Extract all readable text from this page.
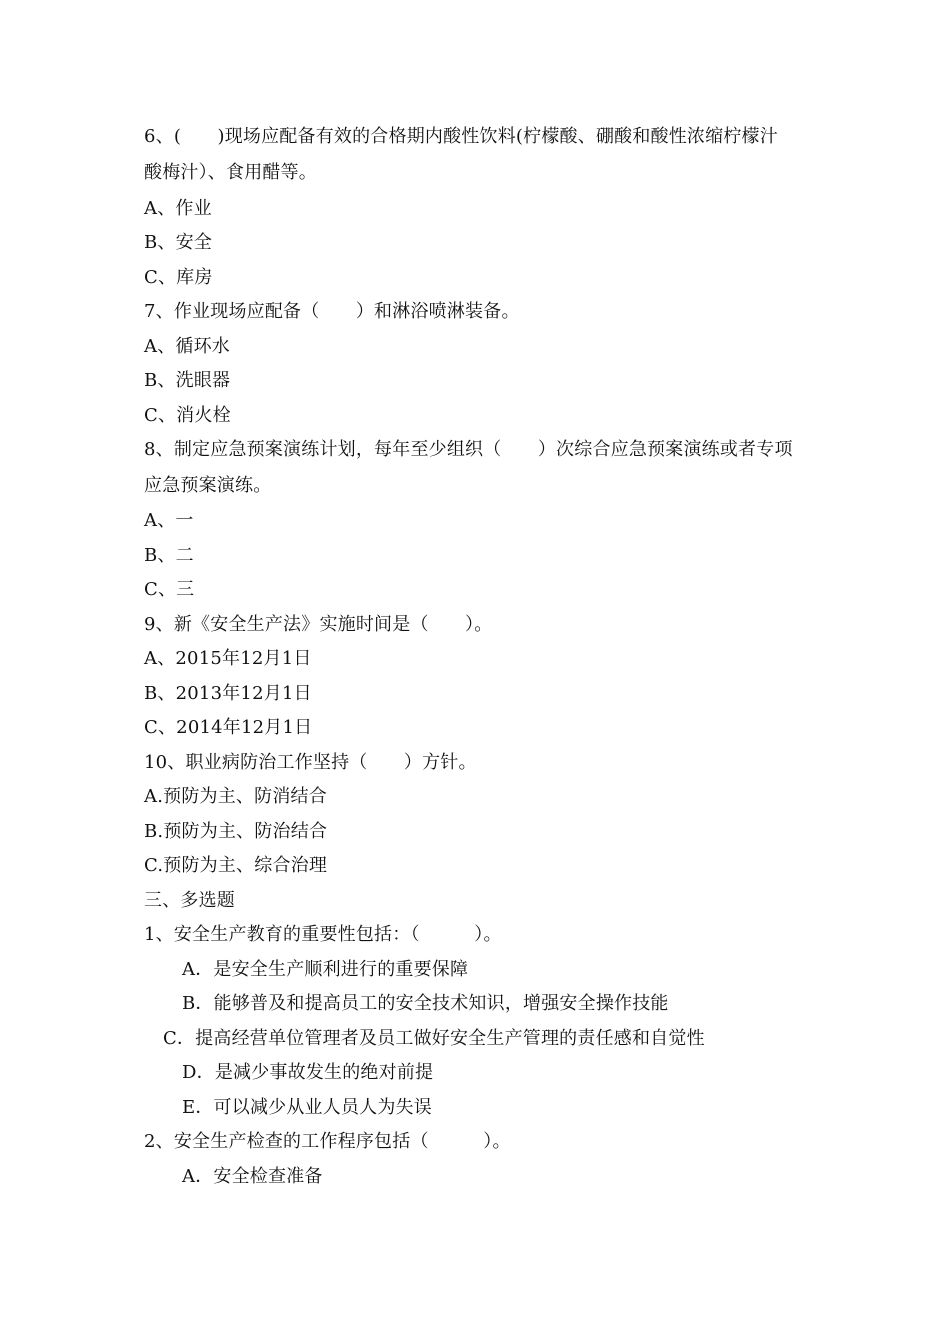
6、(　　)现场应配备有效的合格期内酸性饮料(柠檬酸、硼酸和酸性浓缩柠檬汁
酸梅汁）、食用醋等。
A、作业
B、安全
C、库房
7、作业现场应配备（　　）和淋浴喷淋装备。
A、循环水
B、洗眼器
C、消火栓
8、制定应急预案演练计划，每年至少组织（　　）次综合应急预案演练或者专项
应急预案演练。
A、一
B、二
C、三
9、新《安全生产法》实施时间是（　　）。
A、2015年12月1日
B、2013年12月1日
C、2014年12月1日
10、职业病防治工作坚持（　　）方针。
A.预防为主、防消结合
B.预防为主、防治结合
C.预防为主、综合治理
三、多选题
1、安全生产教育的重要性包括：（　　　）。
A．是安全生产顺利进行的重要保障
B．能够普及和提高员工的安全技术知识，增强安全操作技能
C．提高经营单位管理者及员工做好安全生产管理的责任感和自觉性
D．是减少事故发生的绝对前提
E．可以减少从业人员人为失误
2、安全生产检查的工作程序包括（　　　）。
A．安全检查准备
